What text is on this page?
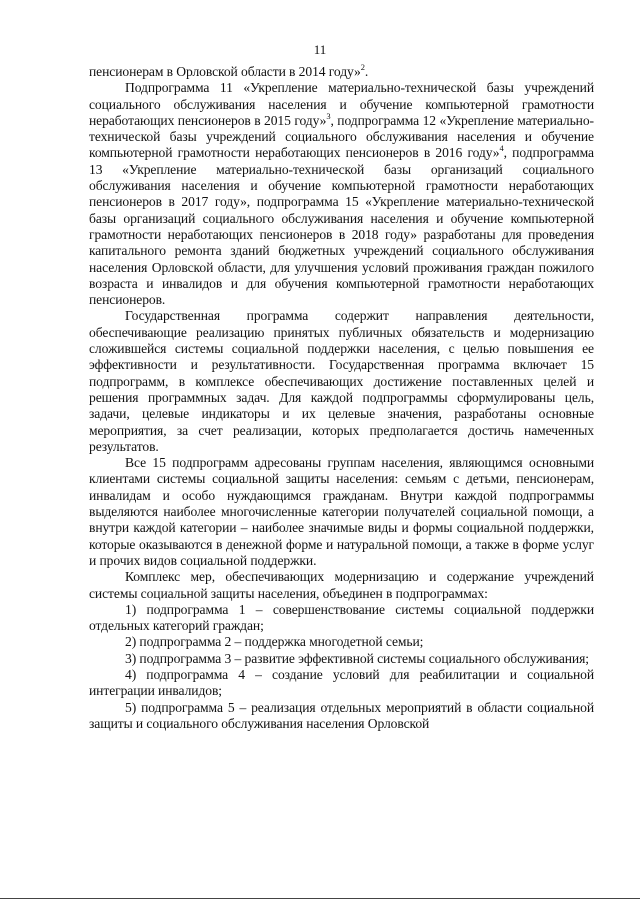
11

пенсионерам в Орловской области в 2014 году»$^2$.

Подпрограмма 11 «Укрепление материально-технической базы учреждений социального обслуживания населения и обучение компьютерной грамотности неработающих пенсионеров в 2015 году»$^3$, подпрограмма 12 «Укрепление материально-технической базы учреждений социального обслуживания населения и обучение компьютерной грамотности неработающих пенсионеров в 2016 году»$^4$, подпрограмма 13 «Укрепление материально-технической базы организаций социального обслуживания населения и обучение компьютерной грамотности неработающих пенсионеров в 2017 году», подпрограмма 15 «Укрепление материально-технической базы организаций социального обслуживания населения и обучение компьютерной грамотности неработающих пенсионеров в 2018 году» разработаны для проведения капитального ремонта зданий бюджетных учреждений социального обслуживания населения Орловской области, для улучшения условий проживания граждан пожилого возраста и инвалидов и для обучения компьютерной грамотности неработающих пенсионеров.

Государственная программа содержит направления деятельности, обеспечивающие реализацию принятых публичных обязательств и модернизацию сложившейся системы социальной поддержки населения, с целью повышения ее эффективности и результативности. Государственная программа включает 15 подпрограмм, в комплексе обеспечивающих достижение поставленных целей и решения программных задач. Для каждой подпрограммы сформулированы цель, задачи, целевые индикаторы и их целевые значения, разработаны основные мероприятия, за счет реализации, которых предполагается достичь намеченных результатов.

Все 15 подпрограмм адресованы группам населения, являющимся основными клиентами системы социальной защиты населения: семьям с детьми, пенсионерам, инвалидам и особо нуждающимся гражданам. Внутри каждой подпрограммы выделяются наиболее многочисленные категории получателей социальной помощи, а внутри каждой категории – наиболее значимые виды и формы социальной поддержки, которые оказываются в денежной форме и натуральной помощи, а также в форме услуг и прочих видов социальной поддержки.

Комплекс мер, обеспечивающих модернизацию и содержание учреждений системы социальной защиты населения, объединен в подпрограммах:

1) подпрограмма 1 – совершенствование системы социальной поддержки отдельных категорий граждан;

2) подпрограмма 2 – поддержка многодетной семьи;

3) подпрограмма 3 – развитие эффективной системы социального обслуживания;

4) подпрограмма 4 – создание условий для реабилитации и социальной интеграции инвалидов;

5) подпрограмма 5 – реализация отдельных мероприятий в области социальной защиты и социального обслуживания населения Орловской
